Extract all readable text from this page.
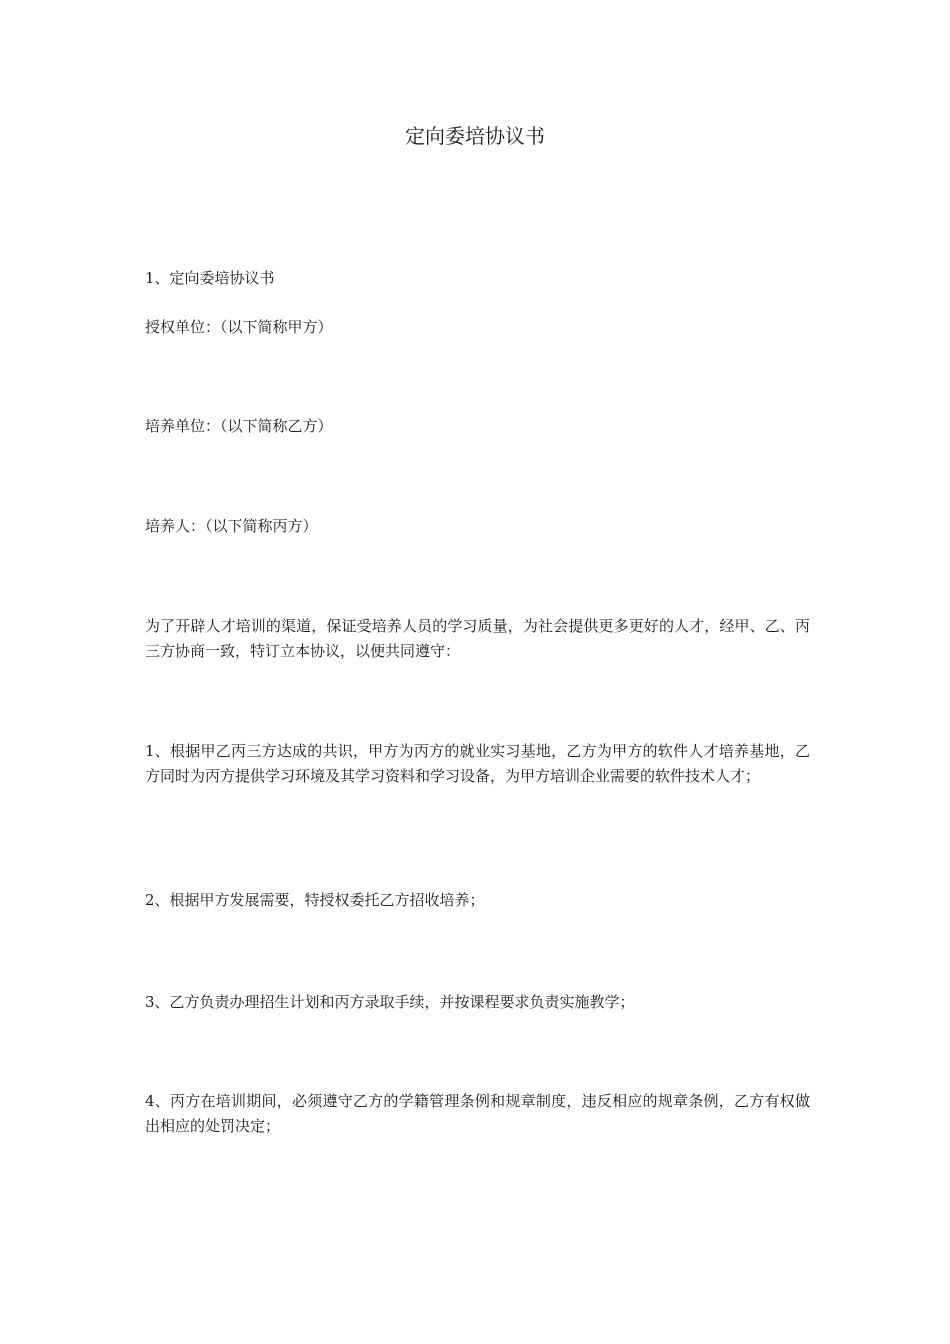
定向委培协议书

1、定向委培协议书

授权单位：（以下简称甲方）

培养单位：（以下简称乙方）

培养人：（以下简称丙方）

为了开辟人才培训的渠道，保证受培养人员的学习质量，为社会提供更多更好的人才，经甲、乙、丙三方协商一致，特订立本协议，以便共同遵守：

1、根据甲乙丙三方达成的共识，甲方为丙方的就业实习基地，乙方为甲方的软件人才培养基地，乙方同时为丙方提供学习环境及其学习资料和学习设备，为甲方培训企业需要的软件技术人才；

2、根据甲方发展需要，特授权委托乙方招收培养；

3、乙方负责办理招生计划和丙方录取手续，并按课程要求负责实施教学；

4、丙方在培训期间，必须遵守乙方的学籍管理条例和规章制度，违反相应的规章条例，乙方有权做出相应的处罚决定；
